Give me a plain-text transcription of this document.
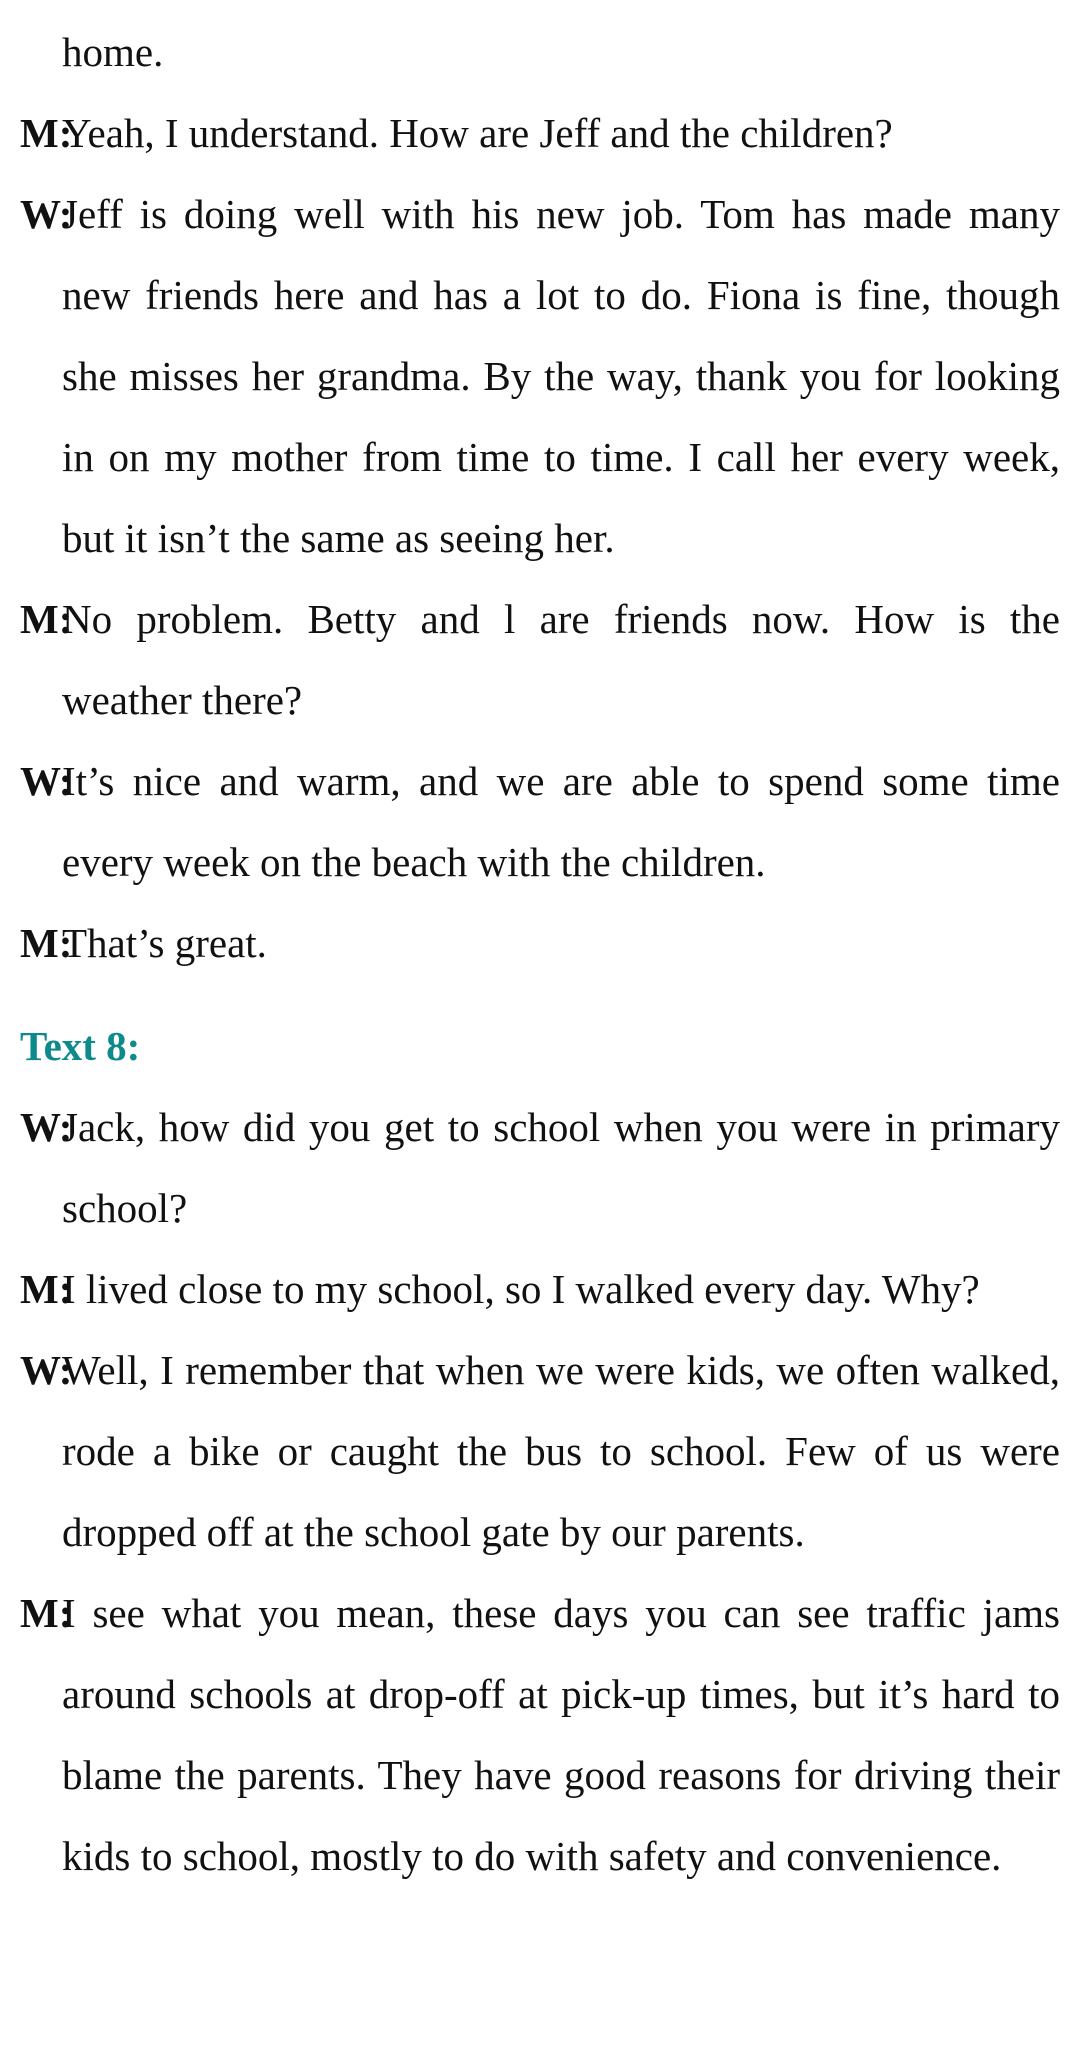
home.

M:
Yeah, I understand. How are Jeff and the children?

W:
Jeff is doing well with his new job. Tom has made many new friends here and has a lot to do. Fiona is fine, though she misses her grandma. By the way, thank you for looking in on my mother from time to time. I call her every week, but it isn’t the same as seeing her.

M:
No problem. Betty and l are friends now. How is the weather there?

W:
It’s nice and warm, and we are able to spend some time every week on the beach with the children.

M:
That’s great.

Text 8:

W:
Jack, how did you get to school when you were in primary school?

M:
I lived close to my school, so I walked every day. Why?

W:
Well, I remember that when we were kids, we often walked, rode a bike or caught the bus to school. Few of us were dropped off at the school gate by our parents.

M:
I see what you mean, these days you can see traffic jams around schools at drop-off at pick-up times, but it’s hard to blame the parents. They have good reasons for driving their kids to school, mostly to do with safety and convenience.
